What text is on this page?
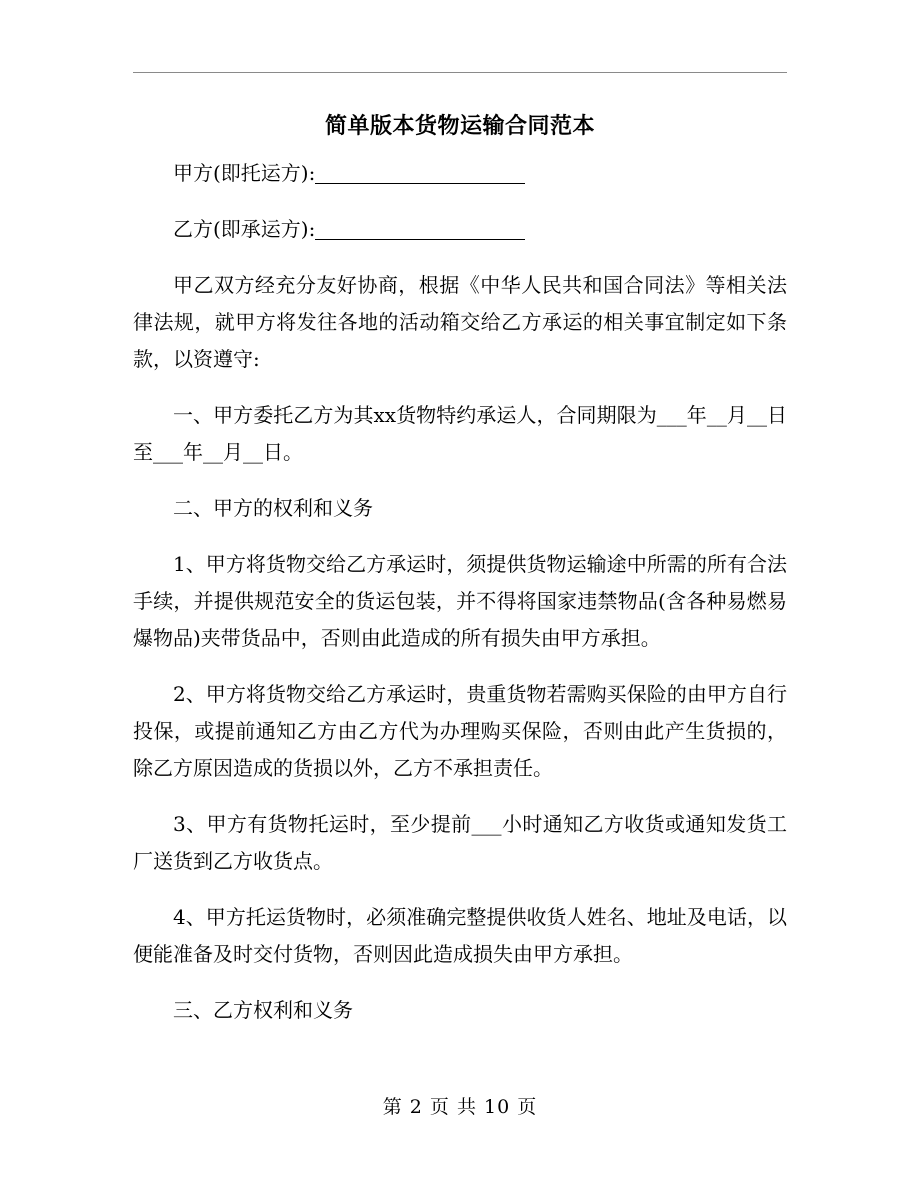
简单版本货物运输合同范本

甲方(即托运方):

乙方(即承运方):

甲乙双方经充分友好协商，根据《中华人民共和国合同法》等相关法律法规，就甲方将发往各地的活动箱交给乙方承运的相关事宜制定如下条款，以资遵守:

一、甲方委托乙方为其xx货物特约承运人，合同期限为___年__月__日至___年__月__日。

二、甲方的权利和义务

1、甲方将货物交给乙方承运时，须提供货物运输途中所需的所有合法手续，并提供规范安全的货运包装，并不得将国家违禁物品(含各种易燃易爆物品)夹带货品中，否则由此造成的所有损失由甲方承担。

2、甲方将货物交给乙方承运时，贵重货物若需购买保险的由甲方自行投保，或提前通知乙方由乙方代为办理购买保险，否则由此产生货损的，除乙方原因造成的货损以外，乙方不承担责任。

3、甲方有货物托运时，至少提前___小时通知乙方收货或通知发货工厂送货到乙方收货点。

4、甲方托运货物时，必须准确完整提供收货人姓名、地址及电话，以便能准备及时交付货物，否则因此造成损失由甲方承担。

三、乙方权利和义务

第 2 页 共 10 页
